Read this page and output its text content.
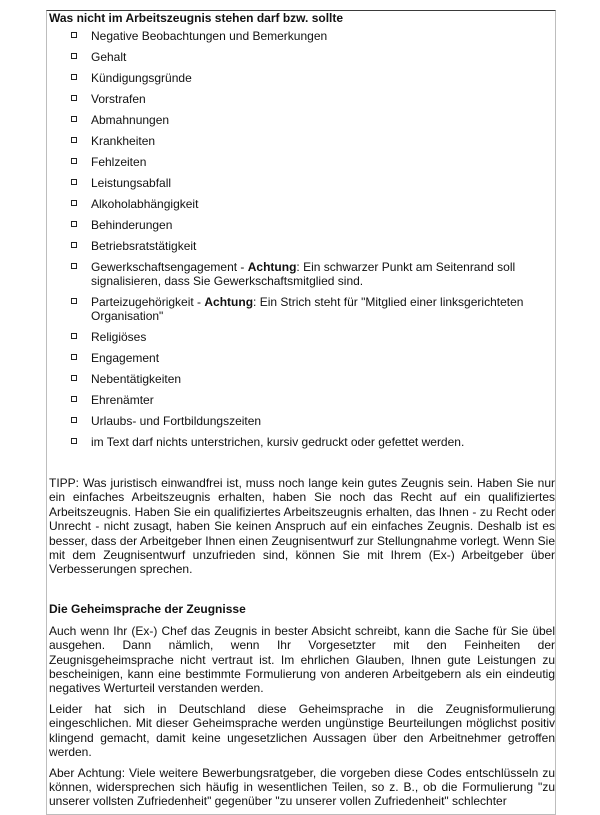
Was nicht im Arbeitszeugnis stehen darf bzw. sollte
Negative Beobachtungen und Bemerkungen
Gehalt
Kündigungsgründe
Vorstrafen
Abmahnungen
Krankheiten
Fehlzeiten
Leistungsabfall
Alkoholabhängigkeit
Behinderungen
Betriebsratstätigkeit
Gewerkschaftsengagement - Achtung: Ein schwarzer Punkt am Seitenrand soll signalisieren, dass Sie Gewerkschaftsmitglied sind.
Parteizugehörigkeit - Achtung: Ein Strich steht für "Mitglied einer linksgerichteten Organisation"
Religiöses
Engagement
Nebentätigkeiten
Ehrenämter
Urlaubs- und Fortbildungszeiten
im Text darf nichts unterstrichen, kursiv gedruckt oder gefettet werden.

TIPP: Was juristisch einwandfrei ist, muss noch lange kein gutes Zeugnis sein. Haben Sie nur ein einfaches Arbeitszeugnis erhalten, haben Sie noch das Recht auf ein qualifiziertes Arbeitszeugnis. Haben Sie ein qualifiziertes Arbeitszeugnis erhalten, das Ihnen - zu Recht oder Unrecht - nicht zusagt, haben Sie keinen Anspruch auf ein einfaches Zeugnis. Deshalb ist es besser, dass der Arbeitgeber Ihnen einen Zeugnisentwurf zur Stellungnahme vorlegt. Wenn Sie mit dem Zeugnisentwurf unzufrieden sind, können Sie mit Ihrem (Ex-) Arbeitgeber über Verbesserungen sprechen.

Die Geheimsprache der Zeugnisse

Auch wenn Ihr (Ex-) Chef das Zeugnis in bester Absicht schreibt, kann die Sache für Sie übel ausgehen. Dann nämlich, wenn Ihr Vorgesetzter mit den Feinheiten der Zeugnisgeheimsprache nicht vertraut ist. Im ehrlichen Glauben, Ihnen gute Leistungen zu bescheinigen, kann eine bestimmte Formulierung von anderen Arbeitgebern als ein eindeutig negatives Werturteil verstanden werden.

Leider hat sich in Deutschland diese Geheimsprache in die Zeugnisformulierung eingeschlichen. Mit dieser Geheimsprache werden ungünstige Beurteilungen möglichst positiv klingend gemacht, damit keine ungesetzlichen Aussagen über den Arbeitnehmer getroffen werden.

Aber Achtung: Viele weitere Bewerbungsratgeber, die vorgeben diese Codes entschlüsseln zu können, widersprechen sich häufig in wesentlichen Teilen, so z. B., ob die Formulierung "zu unserer vollsten Zufriedenheit" gegenüber "zu unserer vollen Zufriedenheit" schlechter
